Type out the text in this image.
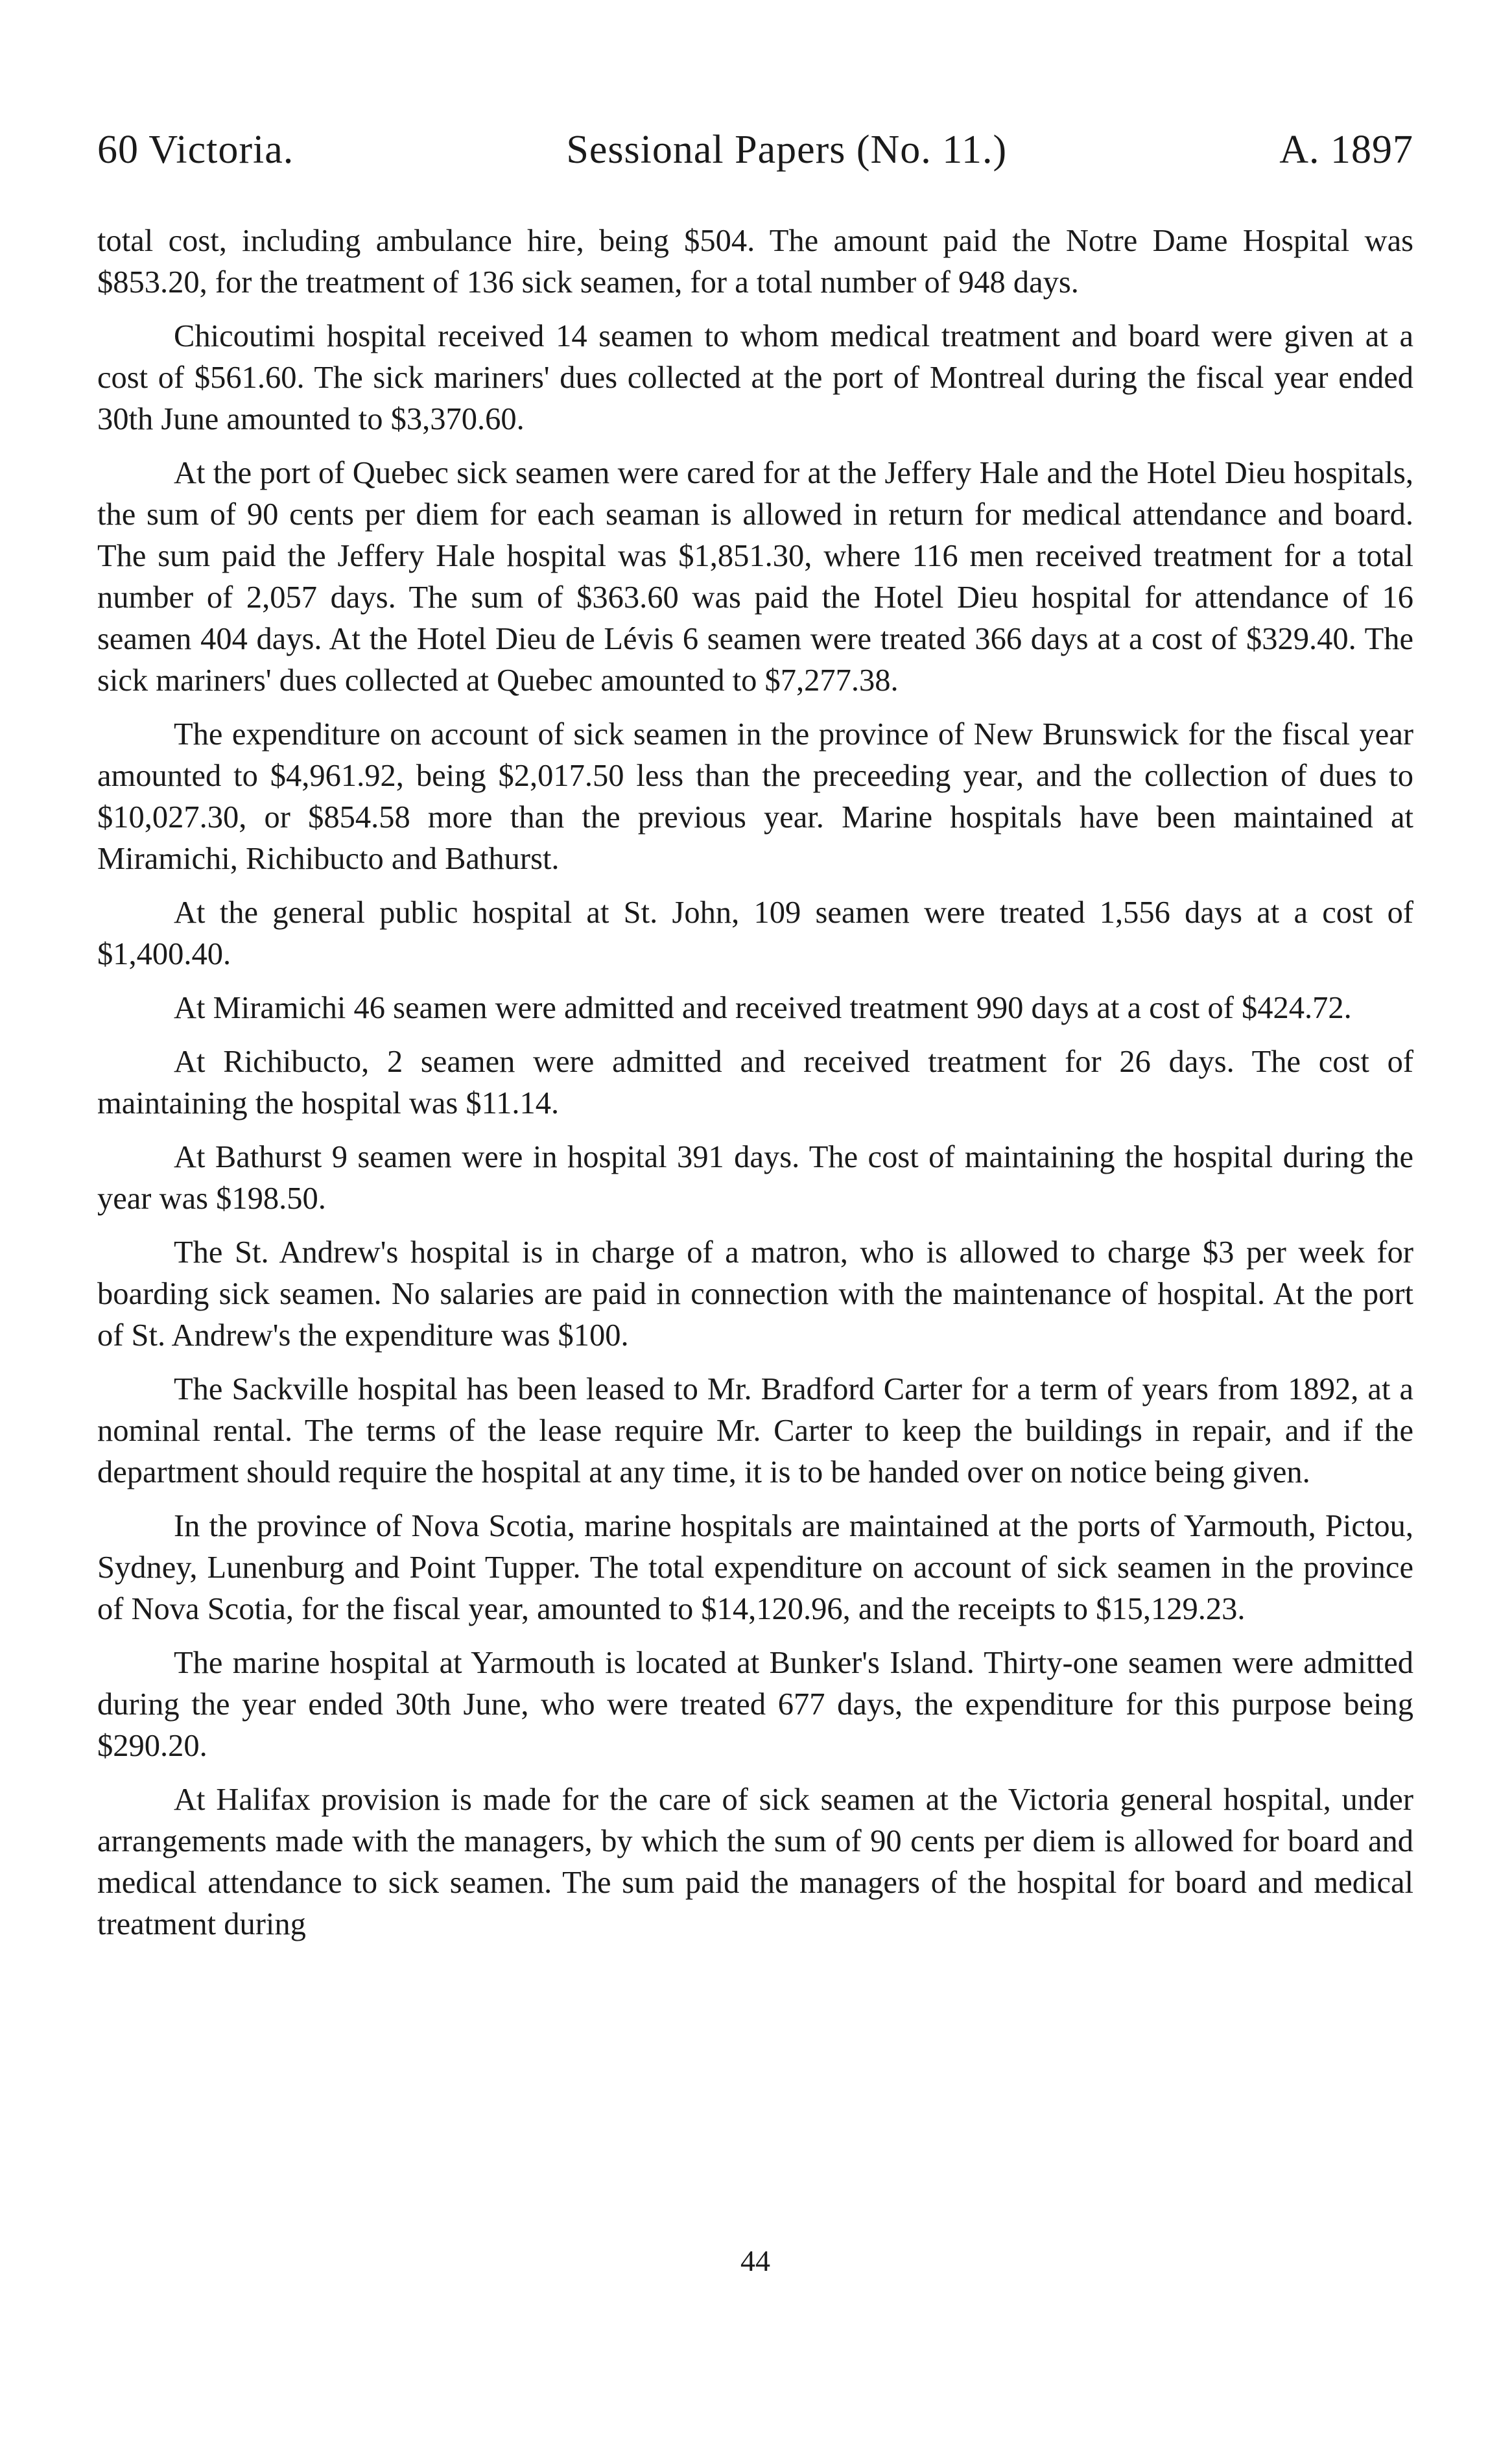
60 Victoria.	Sessional Papers (No. 11.)	A. 1897

total cost, including ambulance hire, being $504. The amount paid the Notre Dame Hospital was $853.20, for the treatment of 136 sick seamen, for a total number of 948 days.

Chicoutimi hospital received 14 seamen to whom medical treatment and board were given at a cost of $561.60. The sick mariners' dues collected at the port of Montreal during the fiscal year ended 30th June amounted to $3,370.60.

At the port of Quebec sick seamen were cared for at the Jeffery Hale and the Hotel Dieu hospitals, the sum of 90 cents per diem for each seaman is allowed in return for medical attendance and board. The sum paid the Jeffery Hale hospital was $1,851.30, where 116 men received treatment for a total number of 2,057 days. The sum of $363.60 was paid the Hotel Dieu hospital for attendance of 16 seamen 404 days. At the Hotel Dieu de Lévis 6 seamen were treated 366 days at a cost of $329.40. The sick mariners' dues collected at Quebec amounted to $7,277.38.

The expenditure on account of sick seamen in the province of New Brunswick for the fiscal year amounted to $4,961.92, being $2,017.50 less than the preceeding year, and the collection of dues to $10,027.30, or $854.58 more than the previous year. Marine hospitals have been maintained at Miramichi, Richibucto and Bathurst.

At the general public hospital at St. John, 109 seamen were treated 1,556 days at a cost of $1,400.40.

At Miramichi 46 seamen were admitted and received treatment 990 days at a cost of $424.72.

At Richibucto, 2 seamen were admitted and received treatment for 26 days. The cost of maintaining the hospital was $11.14.

At Bathurst 9 seamen were in hospital 391 days. The cost of maintaining the hospital during the year was $198.50.

The St. Andrew's hospital is in charge of a matron, who is allowed to charge $3 per week for boarding sick seamen. No salaries are paid in connection with the maintenance of hospital. At the port of St. Andrew's the expenditure was $100.

The Sackville hospital has been leased to Mr. Bradford Carter for a term of years from 1892, at a nominal rental. The terms of the lease require Mr. Carter to keep the buildings in repair, and if the department should require the hospital at any time, it is to be handed over on notice being given.

In the province of Nova Scotia, marine hospitals are maintained at the ports of Yarmouth, Pictou, Sydney, Lunenburg and Point Tupper. The total expenditure on account of sick seamen in the province of Nova Scotia, for the fiscal year, amounted to $14,120.96, and the receipts to $15,129.23.

The marine hospital at Yarmouth is located at Bunker's Island. Thirty-one seamen were admitted during the year ended 30th June, who were treated 677 days, the expenditure for this purpose being $290.20.

At Halifax provision is made for the care of sick seamen at the Victoria general hospital, under arrangements made with the managers, by which the sum of 90 cents per diem is allowed for board and medical attendance to sick seamen. The sum paid the managers of the hospital for board and medical treatment during

44
